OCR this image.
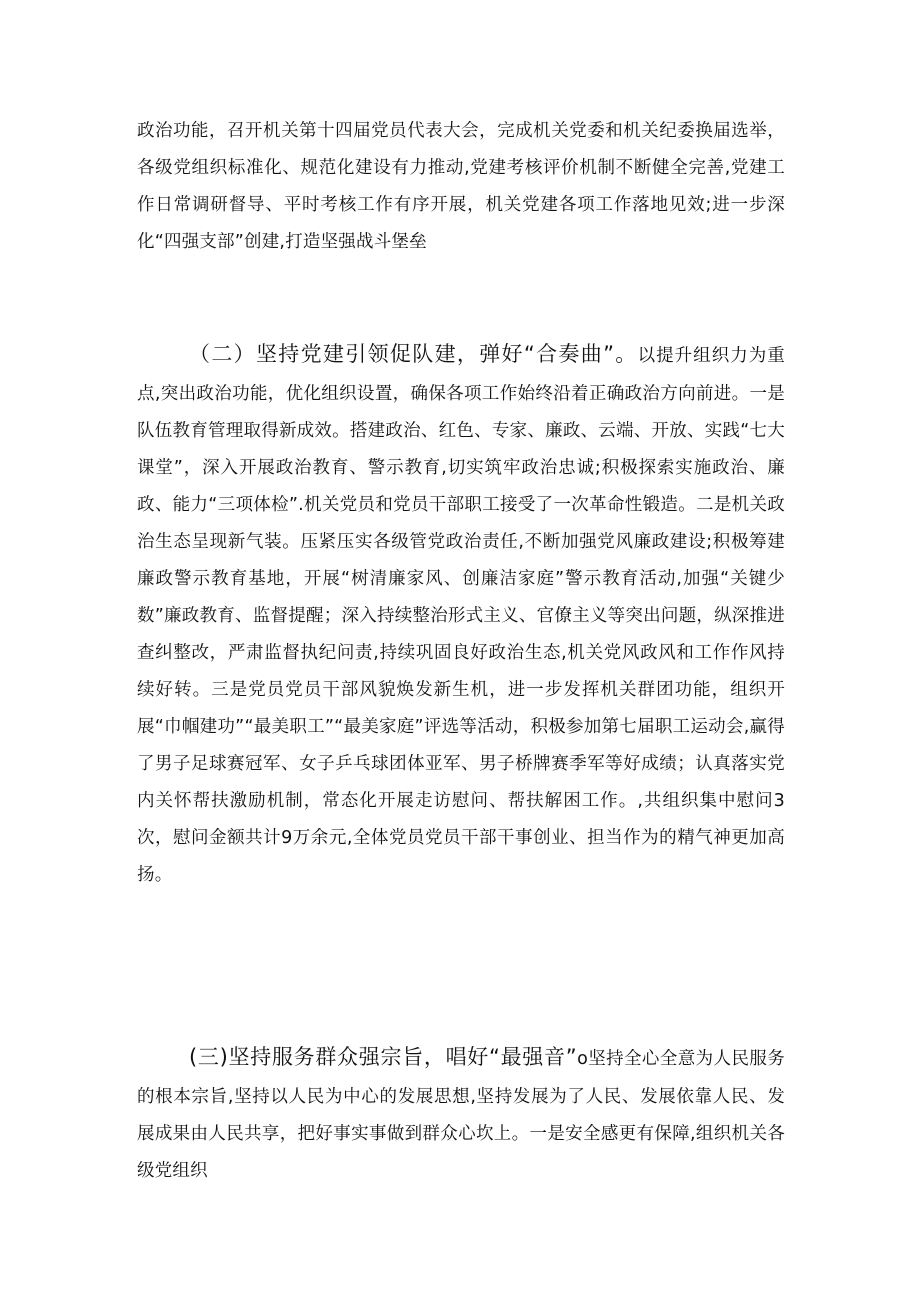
政治功能，召开机关第十四届党员代表大会，完成机关党委和机关纪委换届选举，各级党组织标准化、规范化建设有力推动,党建考核评价机制不断健全完善,党建工作日常调研督导、平时考核工作有序开展，机关党建各项工作落地见效;进一步深化“四强支部”创建,打造坚强战斗堡垒

（二）坚持党建引领促队建，弹好“合奏曲”。以提升组织力为重点,突出政治功能，优化组织设置，确保各项工作始终沿着正确政治方向前进。一是队伍教育管理取得新成效。搭建政治、红色、专家、廉政、云端、开放、实践“七大课堂”，深入开展政治教育、警示教育,切实筑牢政治忠诚;积极探索实施政治、廉政、能力“三项体检”.机关党员和党员干部职工接受了一次革命性锻造。二是机关政治生态呈现新气装。压紧压实各级管党政治责任,不断加强党风廉政建设;积极筹建廉政警示教育基地，开展“树清廉家风、创廉洁家庭”警示教育活动,加强“关键少数”廉政教育、监督提醒；深入持续整治形式主义、官僚主义等突出问题，纵深推进查纠整改，严肃监督执纪问责,持续巩固良好政治生态,机关党风政风和工作作风持续好转。三是党员党员干部风貌焕发新生机，进一步发挥机关群团功能，组织开展“巾帼建功”“最美职工”“最美家庭”评选等活动，积极参加第七届职工运动会,赢得了男子足球赛冠军、女子乒乓球团体亚军、男子桥牌赛季军等好成绩；认真落实党内关怀帮扶激励机制，常态化开展走访慰问、帮扶解困工作。,共组织集中慰问3次，慰问金额共计9万余元,全体党员党员干部干事创业、担当作为的精气神更加高扬。

(三)坚持服务群众强宗旨，唱好“最强音”o坚持全心全意为人民服务的根本宗旨,坚持以人民为中心的发展思想,坚持发展为了人民、发展依靠人民、发展成果由人民共享，把好事实事做到群众心坎上。一是安全感更有保障,组织机关各级党组织
